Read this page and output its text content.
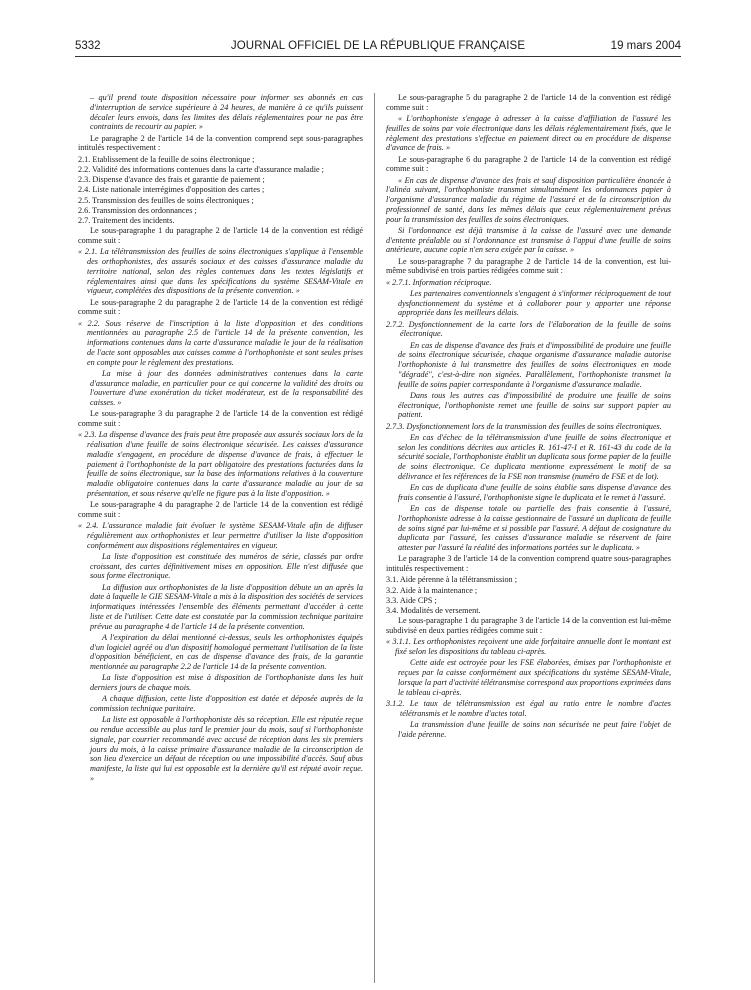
5332	JOURNAL OFFICIEL DE LA RÉPUBLIQUE FRANÇAISE	19 mars 2004

– qu'il prend toute disposition nécessaire pour informer ses abonnés en cas d'interruption de service supérieure à 24 heures, de manière à ce qu'ils puissent décaler leurs envois, dans les limites des délais réglementaires pour ne pas être contraints de recourir au papier. »

Le paragraphe 2 de l'article 14 de la convention comprend sept sous-paragraphes intitulés respectivement :

2.1. Etablissement de la feuille de soins électronique ;

2.2. Validité des informations contenues dans la carte d'assurance maladie ;

2.3. Dispense d'avance des frais et garantie de paiement ;

2.4. Liste nationale interrégimes d'opposition des cartes ;

2.5. Transmission des feuilles de soins électroniques ;

2.6. Transmission des ordonnances ;

2.7. Traitement des incidents.

Le sous-paragraphe 1 du paragraphe 2 de l'article 14 de la convention est rédigé comme suit :

« 2.1. La télétransmission des feuilles de soins électroniques s'applique à l'ensemble des orthophonistes, des assurés sociaux et des caisses d'assurance maladie du territoire national, selon des règles contenues dans les textes législatifs et réglementaires ainsi que dans les spécifications du système SESAM-Vitale en vigueur, complétées des dispositions de la présente convention. »

Le sous-paragraphe 2 du paragraphe 2 de l'article 14 de la convention est rédigé comme suit :

« 2.2. Sous réserve de l'inscription à la liste d'opposition et des conditions mentionnées au paragraphe 2.5 de l'article 14 de la présente convention, les informations contenues dans la carte d'assurance maladie le jour de la réalisation de l'acte sont opposables aux caisses comme à l'orthophoniste et sont seules prises en compte pour le règlement des prestations.

La mise à jour des données administratives contenues dans la carte d'assurance maladie, en particulier pour ce qui concerne la validité des droits ou l'ouverture d'une exonération du ticket modérateur, est de la responsabilité des caisses. »

Le sous-paragraphe 3 du paragraphe 2 de l'article 14 de la convention est rédigé comme suit :

« 2.3. La dispense d'avance des frais peut être proposée aux assurés sociaux lors de la réalisation d'une feuille de soins électronique sécurisée. Les caisses d'assurance maladie s'engagent, en procédure de dispense d'avance de frais, à effectuer le paiement à l'orthophoniste de la part obligatoire des prestations facturées dans la feuille de soins électronique, sur la base des informations relatives à la couverture maladie obligatoire contenues dans la carte d'assurance maladie au jour de sa présentation, et sous réserve qu'elle ne figure pas à la liste d'opposition. »

Le sous-paragraphe 4 du paragraphe 2 de l'article 14 de la convention est rédigé comme suit :

« 2.4. L'assurance maladie fait évoluer le système SESAM-Vitale afin de diffuser régulièrement aux orthophonistes et leur permettre d'utiliser la liste d'opposition conformément aux dispositions réglementaires en vigueur.

La liste d'opposition est constituée des numéros de série, classés par ordre croissant, des cartes définitivement mises en opposition. Elle n'est diffusée que sous forme électronique.

La diffusion aux orthophonistes de la liste d'opposition débute un an après la date à laquelle le GIE SESAM-Vitale a mis à la disposition des sociétés de services informatiques intéressées l'ensemble des éléments permettant d'accéder à cette liste et de l'utiliser. Cette date est constatée par la commission technique paritaire prévue au paragraphe 4 de l'article 14 de la présente convention.

A l'expiration du délai mentionné ci-dessus, seuls les orthophonistes équipés d'un logiciel agréé ou d'un dispositif homologué permettant l'utilisation de la liste d'opposition bénéficient, en cas de dispense d'avance des frais, de la garantie mentionnée au paragraphe 2.2 de l'article 14 de la présente convention.

La liste d'opposition est mise à disposition de l'orthophoniste dans les huit derniers jours de chaque mois.

A chaque diffusion, cette liste d'opposition est datée et déposée auprès de la commission technique paritaire.

La liste est opposable à l'orthophoniste dès sa réception. Elle est réputée reçue ou rendue accessible au plus tard le premier jour du mois, sauf si l'orthophoniste signale, par courrier recommandé avec accusé de réception dans les six premiers jours du mois, à la caisse primaire d'assurance maladie de la circonscription de son lieu d'exercice un défaut de réception ou une impossibilité d'accès. Sauf abus manifeste, la liste qui lui est opposable est la dernière qu'il est réputé avoir reçue. »

Le sous-paragraphe 5 du paragraphe 2 de l'article 14 de la convention est rédigé comme suit :

« L'orthophoniste s'engage à adresser à la caisse d'affiliation de l'assuré les feuilles de soins par voie électronique dans les délais réglementairement fixés, que le règlement des prestations s'effectue en paiement direct ou en procédure de dispense d'avance de frais. »

Le sous-paragraphe 6 du paragraphe 2 de l'article 14 de la convention est rédigé comme suit :

« En cas de dispense d'avance des frais et sauf disposition particulière énoncée à l'alinéa suivant, l'orthophoniste transmet simultanément les ordonnances papier à l'organisme d'assurance maladie du régime de l'assuré et de la circonscription du professionnel de santé, dans les mêmes délais que ceux réglementairement prévus pour la transmission des feuilles de soins électroniques.

Si l'ordonnance est déjà transmise à la caisse de l'assuré avec une demande d'entente préalable ou si l'ordonnance est transmise à l'appui d'une feuille de soins antérieure, aucune copie n'en sera exigée par la caisse. »

Le sous-paragraphe 7 du paragraphe 2 de l'article 14 de la convention, est lui-même subdivisé en trois parties rédigées comme suit :

« 2.7.1. Information réciproque.

Les partenaires conventionnels s'engagent à s'informer réciproquement de tout dysfonctionnement du système et à collaborer pour y apporter une réponse appropriée dans les meilleurs délais.

2.7.2. Dysfonctionnement de la carte lors de l'élaboration de la feuille de soins électronique.

En cas de dispense d'avance des frais et d'impossibilité de produire une feuille de soins électronique sécurisée, chaque organisme d'assurance maladie autorise l'orthophoniste à lui transmettre des feuilles de soins électroniques en mode "dégradé", c'est-à-dire non signées. Parallèlement, l'orthophoniste transmet la feuille de soins papier correspondante à l'organisme d'assurance maladie.

Dans tous les autres cas d'impossibilité de produire une feuille de soins électronique, l'orthophoniste remet une feuille de soins sur support papier au patient.

2.7.3. Dysfonctionnement lors de la transmission des feuilles de soins électroniques.

En cas d'échec de la télétransmission d'une feuille de soins électronique et selon les conditions décrites aux articles R. 161-47-I et R. 161-43 du code de la sécurité sociale, l'orthophoniste établit un duplicata sous forme papier de la feuille de soins électronique. Ce duplicata mentionne expressément le motif de sa délivrance et les références de la FSE non transmise (numéro de FSE et de lot).

En cas de duplicata d'une feuille de soins établie sans dispense d'avance des frais consentie à l'assuré, l'orthophoniste signe le duplicata et le remet à l'assuré.

En cas de dispense totale ou partielle des frais consentie à l'assuré, l'orthophoniste adresse à la caisse gestionnaire de l'assuré un duplicata de feuille de soins signé par lui-même et si possible par l'assuré. A défaut de cosignature du duplicata par l'assuré, les caisses d'assurance maladie se réservent de faire attester par l'assuré la réalité des informations portées sur le duplicata. »

Le paragraphe 3 de l'article 14 de la convention comprend quatre sous-paragraphes intitulés respectivement :

3.1. Aide pérenne à la télétransmission ;

3.2. Aide à la maintenance ;

3.3. Aide CPS ;

3.4. Modalités de versement.

Le sous-paragraphe 1 du paragraphe 3 de l'article 14 de la convention est lui-même subdivisé en deux parties rédigées comme suit :

« 3.1.1. Les orthophonistes reçoivent une aide forfaitaire annuelle dont le montant est fixé selon les dispositions du tableau ci-après.

Cette aide est octroyée pour les FSE élaborées, émises par l'orthophoniste et reçues par la caisse conformément aux spécifications du système SESAM-Vitale, lorsque la part d'activité télétransmise correspond aux proportions exprimées dans le tableau ci-après.

3.1.2. Le taux de télétransmission est égal au ratio entre le nombre d'actes télétransmis et le nombre d'actes total.

La transmission d'une feuille de soins non sécurisée ne peut faire l'objet de l'aide pérenne.
